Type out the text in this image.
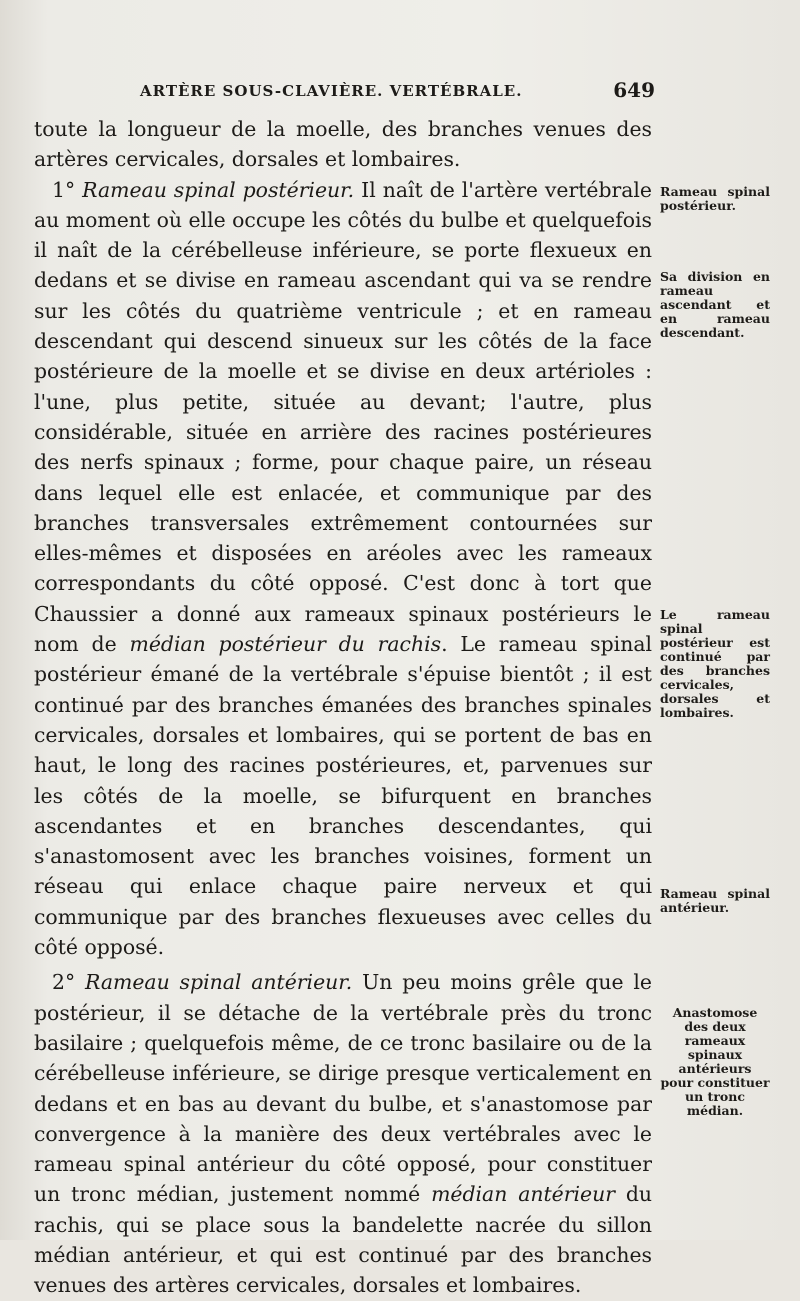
ARTÈRE SOUS-CLAVIÈRE. VERTÉBRALE.	649

toute la longueur de la moelle, des branches venues des artères cervicales, dorsales et lombaires.
1° Rameau spinal postérieur. Il naît de l'artère vertébrale au moment où elle occupe les côtés du bulbe et quelquefois il naît de la cérébelleuse inférieure, se porte flexueux en dedans et se divise en rameau ascendant qui va se rendre sur les côtés du quatrième ventricule ; et en rameau descendant qui descend sinueux sur les côtés de la face postérieure de la moelle et se divise en deux artérioles : l'une, plus petite, située au devant; l'autre, plus considérable, située en arrière des racines postérieures des nerfs spinaux ; forme, pour chaque paire, un réseau dans lequel elle est enlacée, et communique par des branches transversales extrêmement contournées sur elles-mêmes et disposées en aréoles avec les rameaux correspondants du côté opposé. C'est donc à tort que Chaussier a donné aux rameaux spinaux postérieurs le nom de médian postérieur du rachis. Le rameau spinal postérieur émané de la vertébrale s'épuise bientôt ; il est continué par des branches émanées des branches spinales cervicales, dorsales et lombaires, qui se portent de bas en haut, le long des racines postérieures, et, parvenues sur les côtés de la moelle, se bifurquent en branches ascendantes et en branches descendantes, qui s'anastomosent avec les branches voisines, forment un réseau qui enlace chaque paire nerveux et qui communique par des branches flexueuses avec celles du côté opposé.

2° Rameau spinal antérieur. Un peu moins grêle que le postérieur, il se détache de la vertébrale près du tronc basilaire ; quelquefois même, de ce tronc basilaire ou de la cérébelleuse inférieure, se dirige presque verticalement en dedans et en bas au devant du bulbe, et s'anastomose par convergence à la manière des deux vertébrales avec le rameau spinal antérieur du côté opposé, pour constituer un tronc médian, justement nommé médian antérieur du rachis, qui se place sous la bandelette nacrée du sillon médian antérieur, et qui est continué par des branches venues des artères cervicales, dorsales et lombaires.

Rameau spinal postérieur.
Sa division en rameau ascendant et en rameau descendant.
Le rameau spinal postérieur est continué par des branches cervicales, dorsales et lombaires.
Rameau spinal antérieur.
Anastomose des deux rameaux spinaux antérieurs pour constituer un tronc médian.
